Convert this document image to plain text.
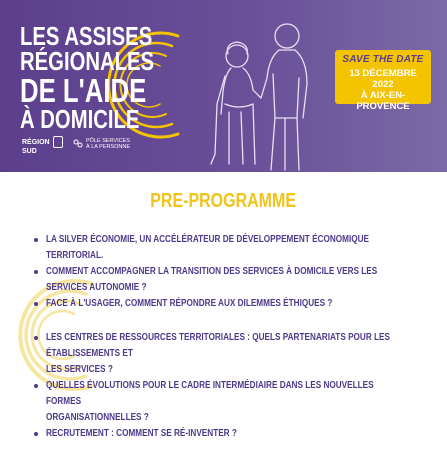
LES ASSISES
RÉGIONALES
DE L'AIDE
À DOMICILE
SAVE THE DATE
13 DÉCEMBRE 2022
À AIX-EN-PROVENCE
RÉGION
SUD
PÔLE SERVICES
À LA PERSONNE
PRE-PROGRAMME
LA SILVER ÉCONOMIE, UN ACCÉLÉRATEUR DE DÉVELOPPEMENT ÉCONOMIQUE TERRITORIAL.
COMMENT ACCOMPAGNER LA TRANSITION DES SERVICES À DOMICILE VERS LES SERVICES AUTONOMIE ?
FACE À L'USAGER, COMMENT RÉPONDRE AUX DILEMMES ÉTHIQUES ?
LES CENTRES DE RESSOURCES TERRITORIALES : QUELS PARTENARIATS POUR LES ÉTABLISSEMENTS ET
LES SERVICES ?
QUELLES ÉVOLUTIONS POUR LE CADRE INTERMÉDIAIRE DANS LES NOUVELLES FORMES
ORGANISATIONNELLES ?
RECRUTEMENT : COMMENT SE RÉ-INVENTER ?
